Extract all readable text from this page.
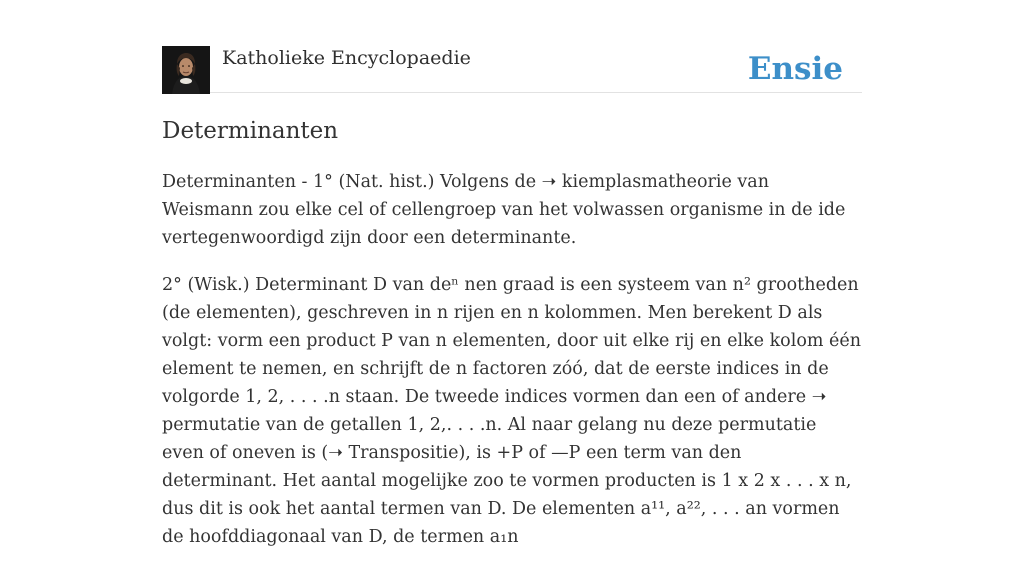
Katholieke Encyclopaedie	Ensie
Determinanten

Determinanten - 1° (Nat. hist.) Volgens de ➝ kiemplasmatheorie van Weismann zou elke cel of cellengroep van het volwassen organisme in de ide vertegenwoordigd zijn door een determinante.

2° (Wisk.) Determinant D van deⁿ nen graad is een systeem van n² grootheden (de elementen), geschreven in n rijen en n kolommen. Men berekent D als volgt: vorm een product P van n elementen, door uit elke rij en elke kolom één element te nemen, en schrijft de n factoren zóó, dat de eerste indices in de volgorde 1, 2, . . . .n staan. De tweede indices vormen dan een of andere ➝ permutatie van de getallen 1, 2,. . . .n. Al naar gelang nu deze permutatie even of oneven is (➝ Transpositie), is +P of —P een term van den determinant. Het aantal mogelijke zoo te vormen producten is 1 x 2 x . . . x n, dus dit is ook het aantal termen van D. De elementen a¹¹, a²², . . . an vormen de hoofddiagonaal van D, de termen a₁n
